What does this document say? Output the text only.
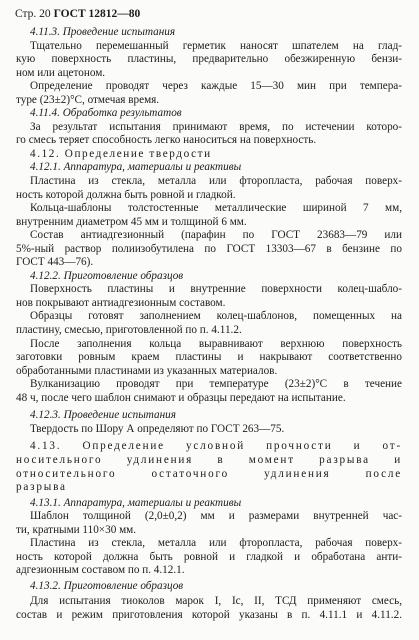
Стр. 20 ГОСТ 12812—80
4.11.3. Проведение испытания
Тщательно перемешанный герметик наносят шпателем на глад-
кую поверхность пластины, предварительно обезжиренную бензи-
ном или ацетоном.
Определение проводят через каждые 15—30 мин при темпера-
туре (23±2)°С, отмечая время.
4.11.4. Обработка результатов
За результат испытания принимают время, по истечении которо-
го смесь теряет способность легко наноситься на поверхность.
4.12. Определение твердости
4.12.1. Аппаратура, материалы и реактивы
Пластина из стекла, металла или фторопласта, рабочая поверх-
ность которой должна быть ровной и гладкой.
Кольца-шаблоны толстостенные металлические шириной 7 мм,
внутренним диаметром 45 мм и толщиной 6 мм.
Состав антиадгезионный (парафин по ГОСТ 23683—79 или
5%-ный раствор полиизобутилена по ГОСТ 13303—67 в бензине по
ГОСТ 443—76).
4.12.2. Приготовление образцов
Поверхность пластины и внутренние поверхности колец-шабло-
нов покрывают антиадгезионным составом.
Образцы готовят заполнением колец-шаблонов, помещенных на
пластину, смесью, приготовленной по п. 4.11.2.
После заполнения кольца выравнивают верхнюю поверхность
заготовки ровным краем пластины и накрывают соответственно
обработанными пластинами из указанных материалов.
Вулканизацию проводят при температуре (23±2)°С в течение
48 ч, после чего шаблон снимают и образцы передают на испытание.
4.12.3. Проведение испытания
Твердость по Шору А определяют по ГОСТ 263—75.
4.13. Определение условной прочности и от-
носительного удлинения в момент разрыва и
относительного остаточного удлинения после
разрыва
4.13.1. Аппаратура, материалы и реактивы
Шаблон толщиной (2,0±0,2) мм и размерами внутренней час-
ти, кратными 110×30 мм.
Пластина из стекла, металла или фторопласта, рабочая поверх-
ность которой должна быть ровной и гладкой и обработана анти-
адгезионным составом по п. 4.12.1.
4.13.2. Приготовление образцов
Для испытания тиоколов марок I, Iс, II, ТСД применяют смесь,
состав и режим приготовления которой указаны в п. 4.11.1 и 4.11.2.
